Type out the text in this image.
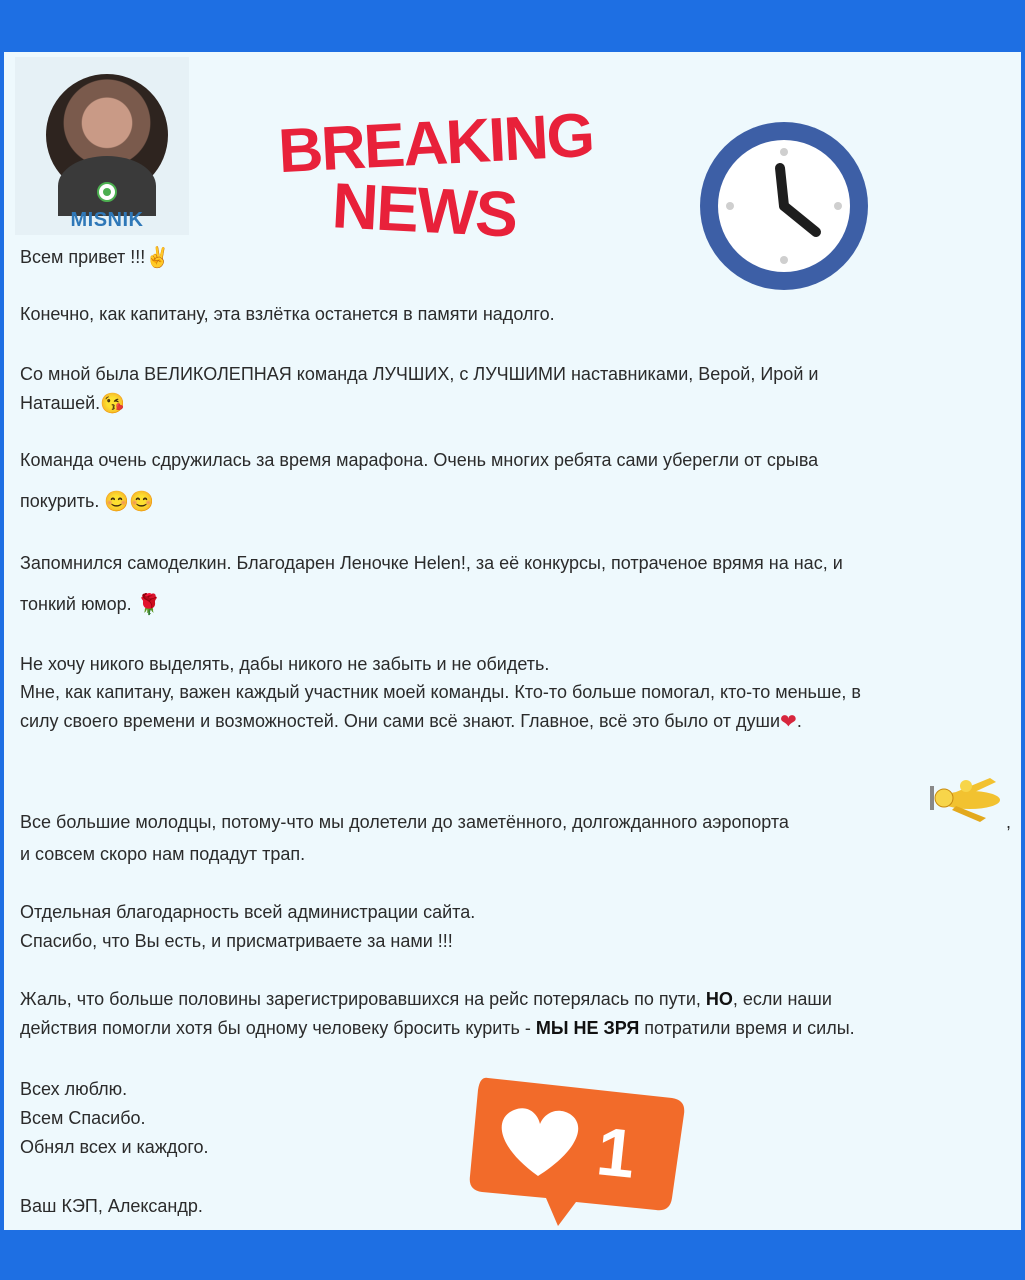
MISNIK
BREAKING
NEWS
1
Всем привет !!!✌
Конечно, как капитану, эта взлётка останется в памяти надолго.
Со мной была ВЕЛИКОЛЕПНАЯ команда ЛУЧШИХ, с ЛУЧШИМИ наставниками, Верой, Ирой и
Наташей.😘
Команда очень сдружилась за время марафона. Очень многих ребята сами уберегли от срыва
покурить. 😊😊
Запомнился самоделкин. Благодарен Леночке Helen!, за её конкурсы, потраченое врямя на нас, и
тонкий юмор. 🌹
Не хочу никого выделять, дабы никого не забыть и не обидеть.
Мне, как капитану, важен каждый участник моей команды. Кто-то больше помогал, кто-то меньше, в
силу своего времени и возможностей. Они сами всё знают. Главное, всё это было от души❤.
Все большие молодцы, потому-что мы долетели до заметённого, долгожданного аэропорта	,
и совсем скоро нам подадут трап.
Отдельная благодарность всей администрации сайта.
Спасибо, что Вы есть, и присматриваете за нами !!!
Жаль, что больше половины зарегистрировавшихся на рейс потерялась по пути, НО, если наши
действия помогли хотя бы одному человеку бросить курить - МЫ НЕ ЗРЯ потратили время и силы.
Всех люблю.
Всем Спасибо.
Обнял всех и каждого.
Ваш КЭП, Александр.
